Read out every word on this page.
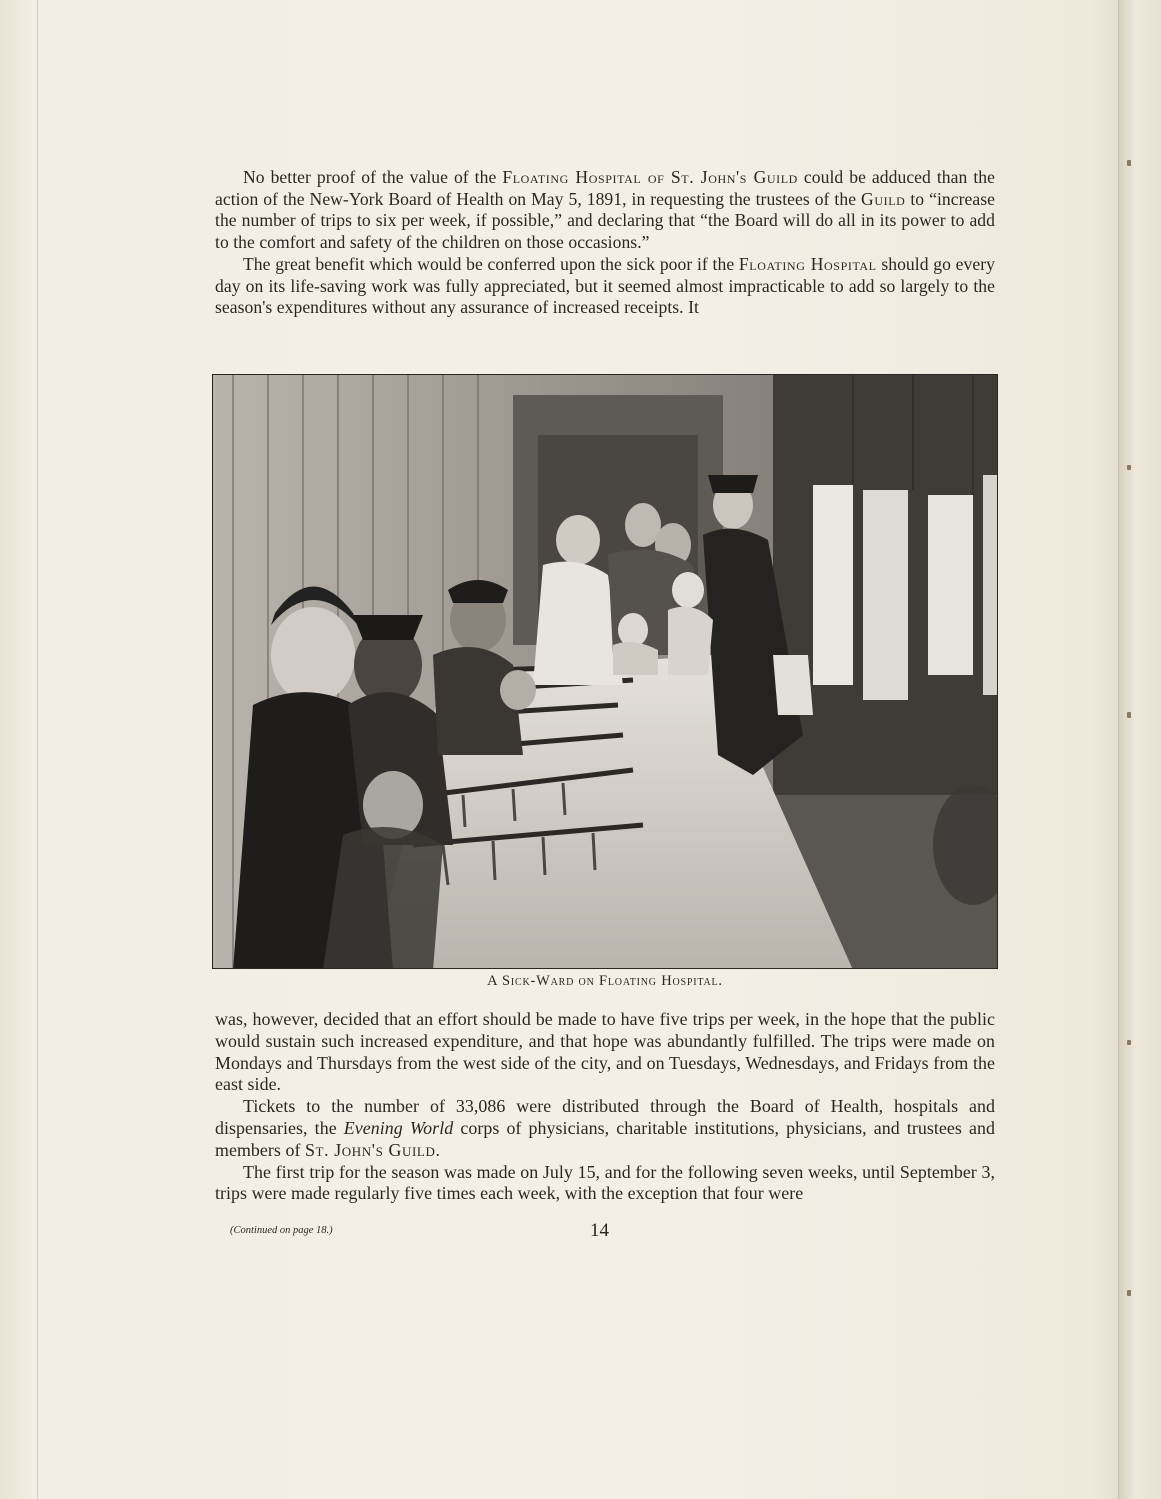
No better proof of the value of the Floating Hospital of St. John's Guild could be adduced than the action of the New-York Board of Health on May 5, 1891, in requesting the trustees of the Guild to “increase the number of trips to six per week, if possible,” and declaring that “the Board will do all in its power to add to the comfort and safety of the children on those occasions.”

The great benefit which would be conferred upon the sick poor if the Floating Hospital should go every day on its life-saving work was fully appreciated, but it seemed almost impracticable to add so largely to the season's expenditures without any assurance of increased receipts. It

A Sick-Ward on Floating Hospital.

was, however, decided that an effort should be made to have five trips per week, in the hope that the public would sustain such increased expenditure, and that hope was abundantly fulfilled. The trips were made on Mondays and Thursdays from the west side of the city, and on Tuesdays, Wednesdays, and Fridays from the east side.

Tickets to the number of 33,086 were distributed through the Board of Health, hospitals and dispensaries, the Evening World corps of physicians, charitable institutions, physicians, and trustees and members of St. John's Guild.

The first trip for the season was made on July 15, and for the following seven weeks, until September 3, trips were made regularly five times each week, with the exception that four were

(Continued on page 18.)	14
